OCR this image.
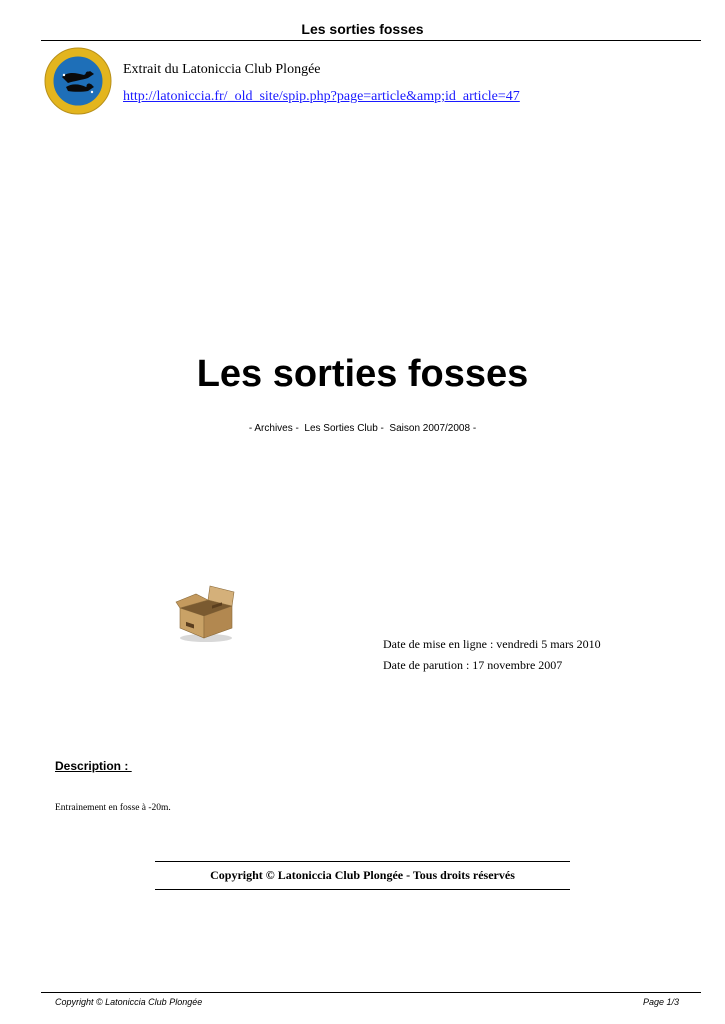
Les sorties fosses
Extrait du Latoniccia Club Plongée
http://latoniccia.fr/_old_site/spip.php?page=article&amp;id_article=47
Les sorties fosses
- Archives -  Les Sorties Club -  Saison 2007/2008 -
Date de mise en ligne : vendredi 5 mars 2010
Date de parution : 17 novembre 2007
Description :
Entrainement en fosse à -20m.
Copyright © Latoniccia Club Plongée - Tous droits réservés
Copyright © Latoniccia Club Plongée	Page 1/3
